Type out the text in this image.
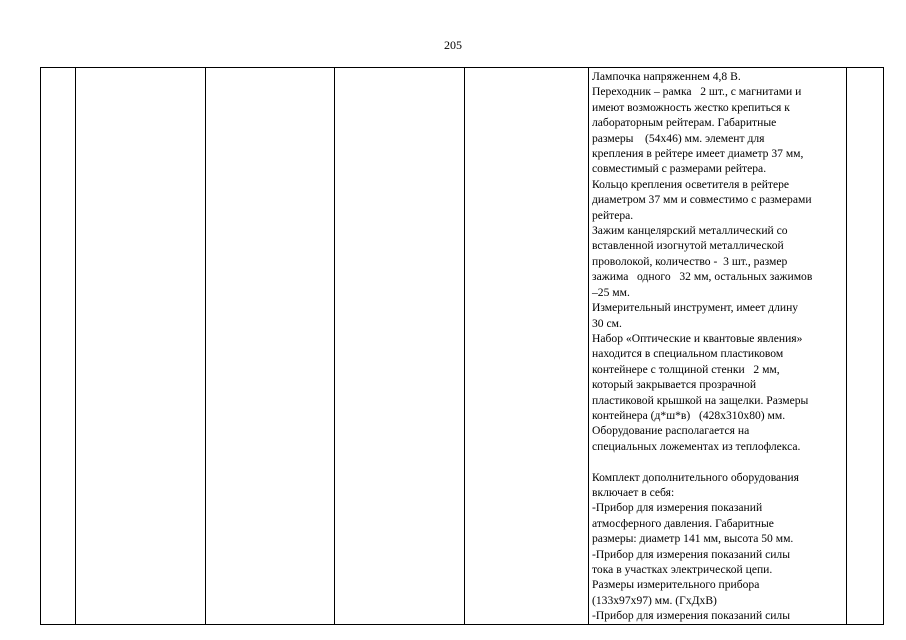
205

Лампочка напряженнем 4,8 В.
Переходник – рамка   2 шт., с магнитами и
имеют возможность жестко крепиться к
лабораторным рейтерам. Габаритные
размеры    (54х46) мм. элемент для
крепления в рейтере имеет диаметр 37 мм,
совместимый с размерами рейтера.
Кольцо крепления осветителя в рейтере
диаметром 37 мм и совместимо с размерами
рейтера.
Зажим канцелярский металлический со
вставленной изогнутой металлической
проволокой, количество -  3 шт., размер
зажима   одного   32 мм, остальных зажимов
–25 мм.
Измерительный инструмент, имеет длину
30 см.
Набор «Оптические и квантовые явления»
находится в специальном пластиковом
контейнере с толщиной стенки   2 мм,
который закрывается прозрачной
пластиковой крышкой на защелки. Размеры
контейнера (д*ш*в)   (428х310х80) мм.
Оборудование располагается на
специальных ложементах из теплофлекса.
Комплект дополнительного оборудования
включает в себя:
-Прибор для измерения показаний
атмосферного давления. Габаритные
размеры: диаметр 141 мм, высота 50 мм.
-Прибор для измерения показаний силы
тока в участках электрической цепи.
Размеры измерительного прибора
(133х97х97) мм. (ГхДхВ)
-Прибор для измерения показаний силы
